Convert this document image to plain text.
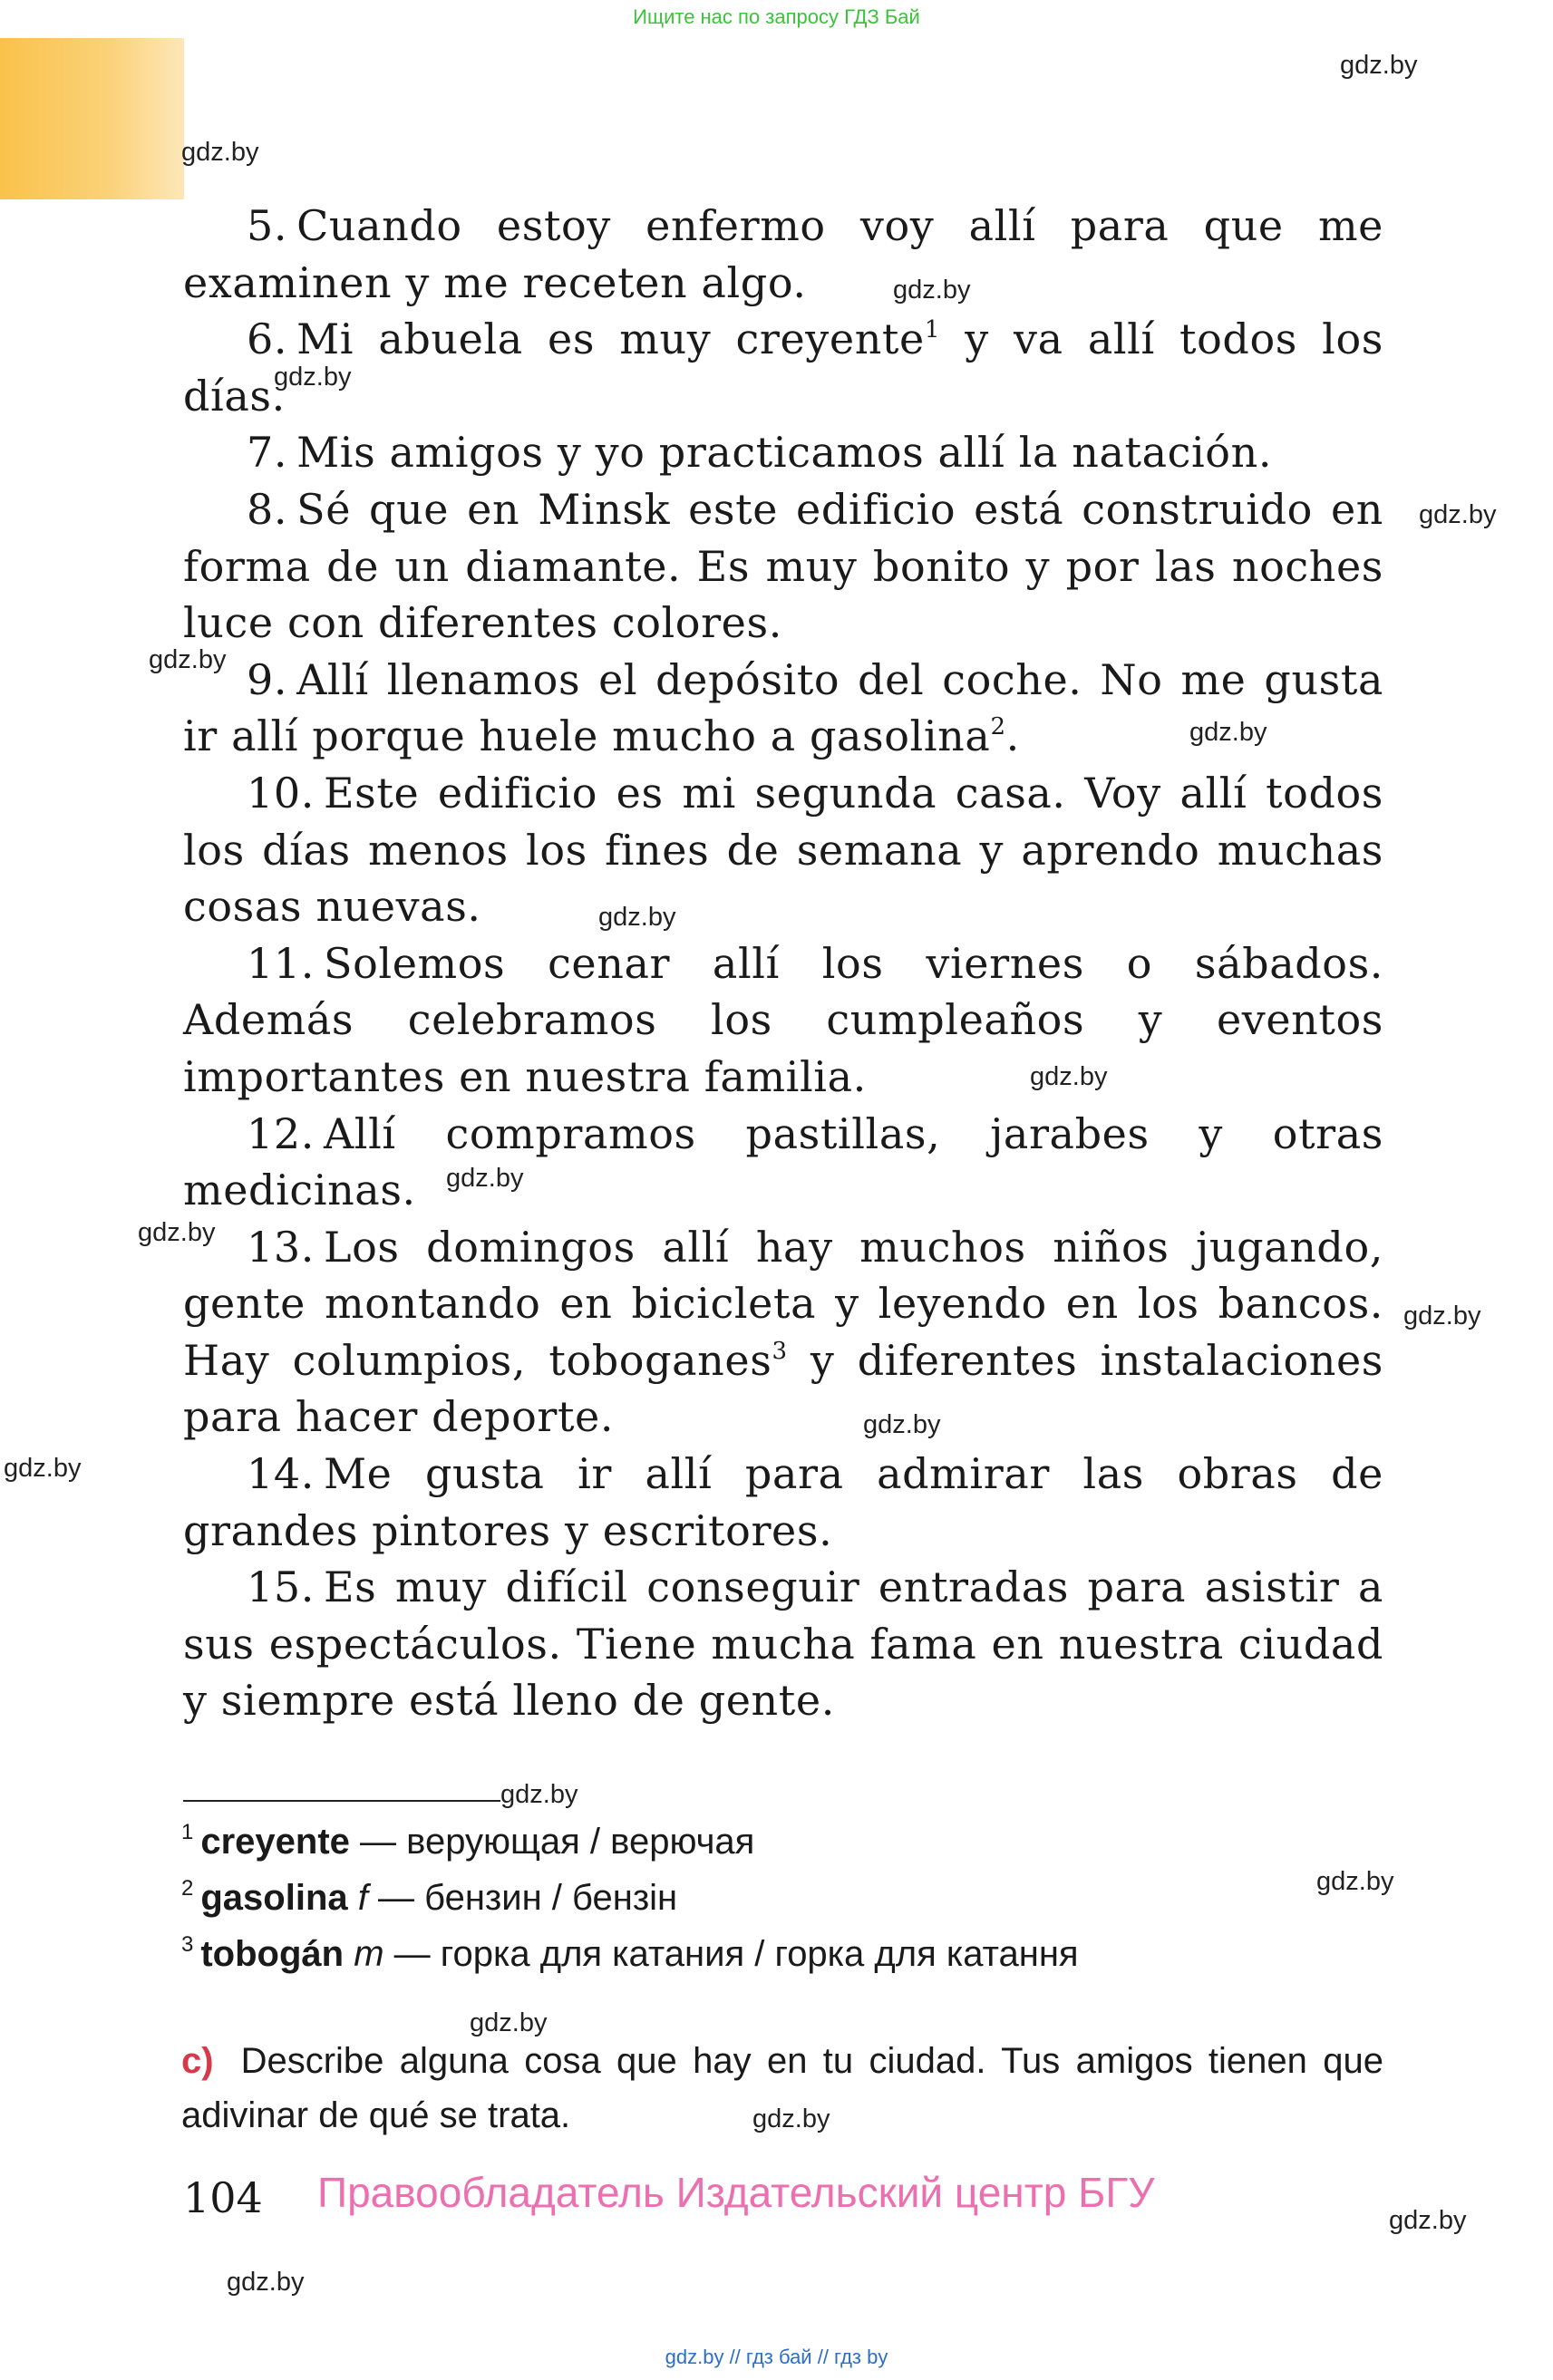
Ищите нас по запросу ГДЗ Бай
gdz.by
gdz.by
gdz.by
gdz.by
gdz.by
gdz.by
gdz.by
gdz.by
gdz.by
gdz.by
gdz.by
gdz.by
gdz.by
gdz.by
gdz.by
gdz.by
gdz.by
gdz.by
gdz.by
gdz.by

5. Cuando estoy enfermo voy allí para que me examinen y me receten algo.

6. Mi abuela es muy creyente$^1$ y va allí todos los días.

7. Mis amigos y yo practicamos allí la natación.

8. Sé que en Minsk este edificio está construido en forma de un diamante. Es muy bonito y por las noches luce con diferentes colores.

9. Allí llenamos el depósito del coche. No me gusta ir allí porque huele mucho a gasolina$^2$.

10. Este edificio es mi segunda casa. Voy allí todos los días menos los fines de semana y aprendo muchas cosas nuevas.

11. Solemos cenar allí los viernes o sábados. Además celebramos los cumpleaños y eventos importantes en nuestra familia.

12. Allí compramos pastillas, jarabes y otras medicinas.

13. Los domingos allí hay muchos niños jugando, gente montando en bicicleta y leyendo en los bancos. Hay columpios, toboganes$^3$ y diferentes instalaciones para hacer deporte.

14. Me gusta ir allí para admirar las obras de grandes pintores y escritores.

15. Es muy difícil conseguir entradas para asistir a sus espectáculos. Tiene mucha fama en nuestra ciudad y siempre está lleno de gente.

$^1$ creyente — верующая / верючая
$^2$ gasolina f — бензин / бензін
$^3$ tobogán m — горка для катания / горка для катання
c) Describe alguna cosa que hay en tu ciudad. Tus amigos tienen que adivinar de qué se trata.
104 Правообладатель Издательский центр БГУ
gdz.by // гдз бай // гдз by
